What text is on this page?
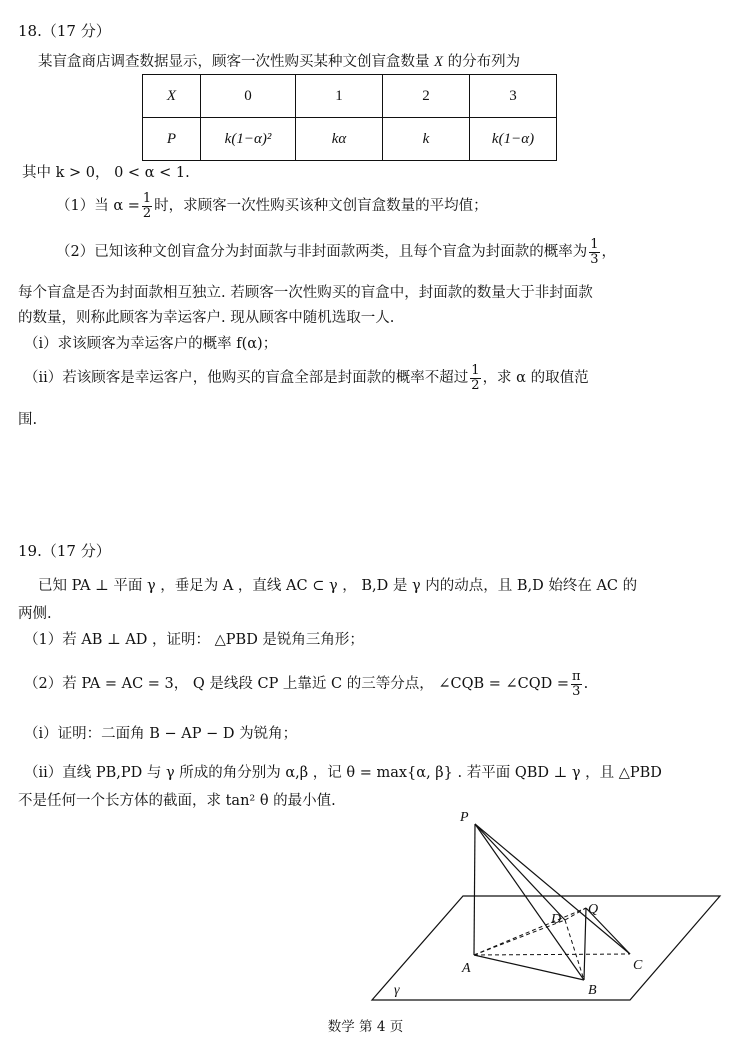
18.（17 分）
某盲盒商店调查数据显示，顾客一次性购买某种文创盲盒数量 X 的分布列为
X	0	1	2	3
P	k(1−α)²	kα	k	k(1−α)
其中 k > 0， 0 < α < 1.
（1）当 $\alpha = \frac{1}{2}$ 时，求顾客一次性购买该种文创盲盒数量的平均值；
（2）已知该种文创盲盒分为封面款与非封面款两类，且每个盲盒为封面款的概率为 $\frac{1}{3}$ ，
每个盲盒是否为封面款相互独立. 若顾客一次性购买的盲盒中，封面款的数量大于非封面款
的数量，则称此顾客为幸运客户. 现从顾客中随机选取一人.
（i）求该顾客为幸运客户的概率 f(α)；
（ii）若该顾客是幸运客户，他购买的盲盒全部是封面款的概率不超过 $\frac{1}{2}$ ，求 α 的取值范
围.
19.（17 分）
已知 PA ⊥ 平面 γ ，垂足为 A ，直线 AC ⊂ γ ， B,D 是 γ 内的动点，且 B,D 始终在 AC 的
两侧.
（1）若 AB ⊥ AD ，证明： △PBD 是锐角三角形；
（2）若 PA = AC = 3， Q 是线段 CP 上靠近 C 的三等分点， ∠CQB = ∠CQD = $\frac{\pi}{3}$ .
（i）证明：二面角 B − AP − D 为锐角；
（ii）直线 PB,PD 与 γ 所成的角分别为 α,β ，记 θ = max{α, β} . 若平面 QBD ⊥ γ ，且 △PBD
不是任何一个长方体的截面，求 tan² θ 的最小值.
P
Q
D
A	C
B
γ
数学 第 4 页
